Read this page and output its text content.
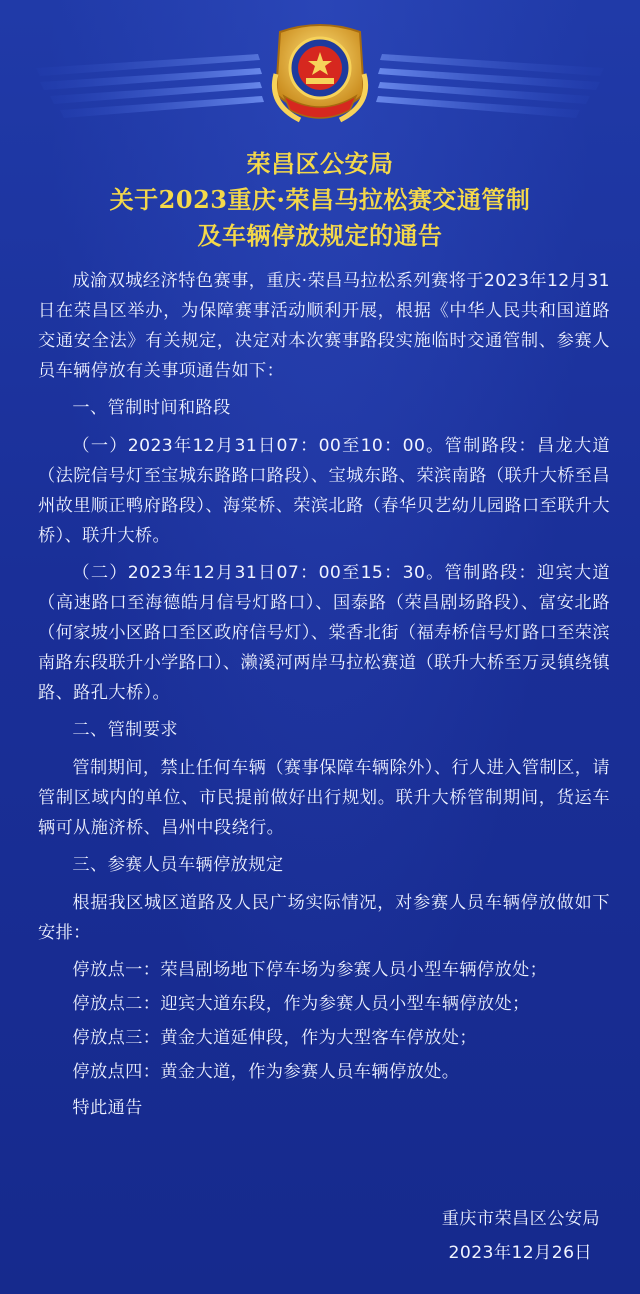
荣昌区公安局
关于2023重庆·荣昌马拉松赛交通管制
及车辆停放规定的通告

成渝双城经济特色赛事，重庆·荣昌马拉松系列赛将于2023年12月31日在荣昌区举办，为保障赛事活动顺利开展，根据《中华人民共和国道路交通安全法》有关规定，决定对本次赛事路段实施临时交通管制、参赛人员车辆停放有关事项通告如下：

一、管制时间和路段

（一）2023年12月31日07：00至10：00。管制路段：昌龙大道（法院信号灯至宝城东路路口路段）、宝城东路、荣滨南路（联升大桥至昌州故里顺正鸭府路段）、海棠桥、荣滨北路（春华贝艺幼儿园路口至联升大桥）、联升大桥。

（二）2023年12月31日07：00至15：30。管制路段：迎宾大道（高速路口至海德皓月信号灯路口）、国泰路（荣昌剧场路段）、富安北路（何家坡小区路口至区政府信号灯）、棠香北街（福寿桥信号灯路口至荣滨南路东段联升小学路口）、濑溪河两岸马拉松赛道（联升大桥至万灵镇绕镇路、路孔大桥）。

二、管制要求

管制期间，禁止任何车辆（赛事保障车辆除外）、行人进入管制区，请管制区域内的单位、市民提前做好出行规划。联升大桥管制期间，货运车辆可从施济桥、昌州中段绕行。

三、参赛人员车辆停放规定

根据我区城区道路及人民广场实际情况，对参赛人员车辆停放做如下安排：

停放点一：荣昌剧场地下停车场为参赛人员小型车辆停放处；

停放点二：迎宾大道东段，作为参赛人员小型车辆停放处；

停放点三：黄金大道延伸段，作为大型客车停放处；

停放点四：黄金大道，作为参赛人员车辆停放处。

特此通告

重庆市荣昌区公安局
2023年12月26日
